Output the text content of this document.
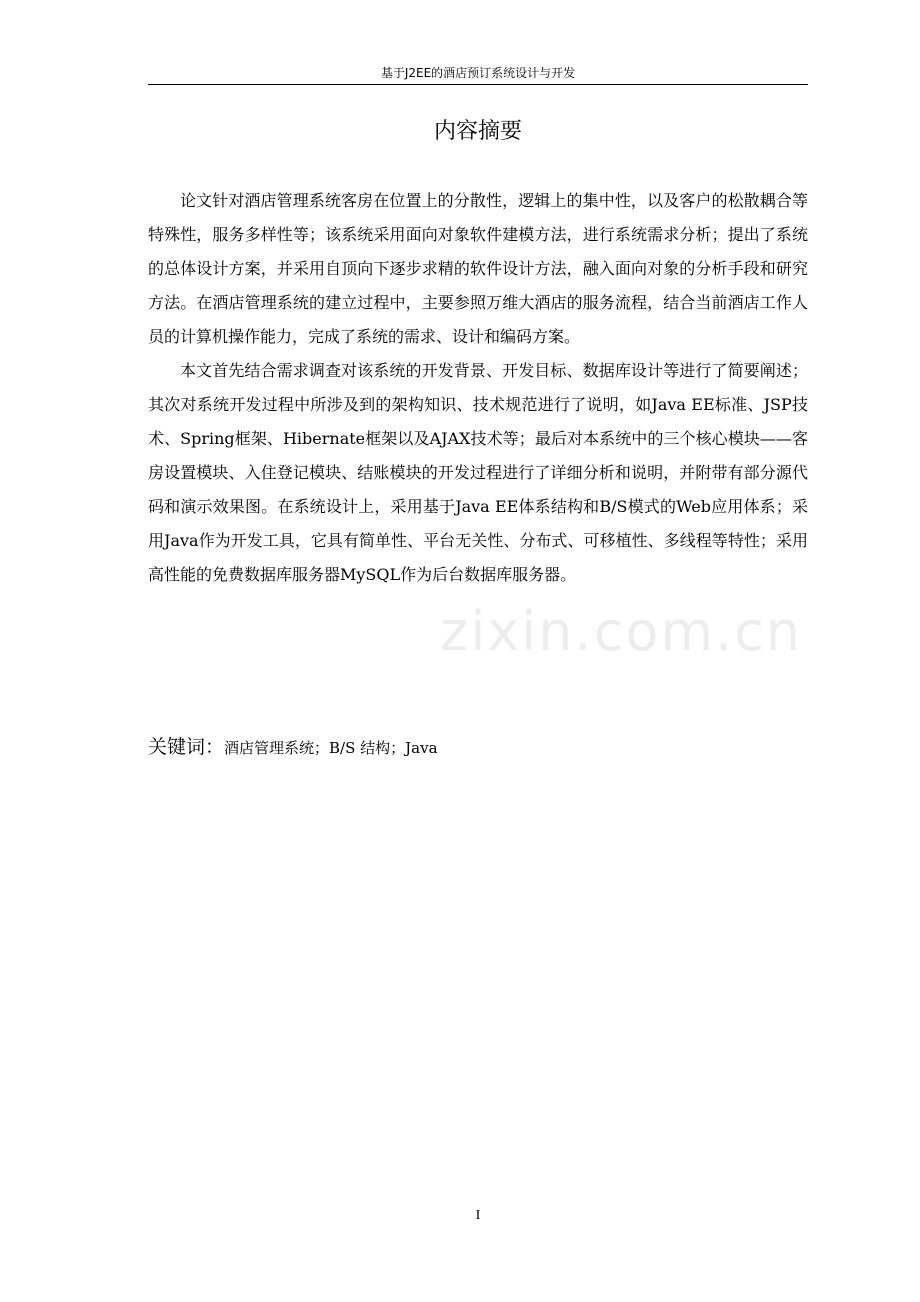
基于J2EE的酒店预订系统设计与开发
内容摘要

论文针对酒店管理系统客房在位置上的分散性，逻辑上的集中性，以及客户的松散耦合等特殊性，服务多样性等；该系统采用面向对象软件建模方法，进行系统需求分析；提出了系统的总体设计方案，并采用自顶向下逐步求精的软件设计方法，融入面向对象的分析手段和研究方法。在酒店管理系统的建立过程中，主要参照万维大酒店的服务流程，结合当前酒店工作人员的计算机操作能力，完成了系统的需求、设计和编码方案。

本文首先结合需求调查对该系统的开发背景、开发目标、数据库设计等进行了简要阐述；其次对系统开发过程中所涉及到的架构知识、技术规范进行了说明，如Java EE标准、JSP技术、Spring框架、Hibernate框架以及AJAX技术等；最后对本系统中的三个核心模块——客房设置模块、入住登记模块、结账模块的开发过程进行了详细分析和说明，并附带有部分源代码和演示效果图。在系统设计上，采用基于Java EE体系结构和B/S模式的Web应用体系；采用Java作为开发工具，它具有简单性、平台无关性、分布式、可移植性、多线程等特性；采用高性能的免费数据库服务器MySQL作为后台数据库服务器。

zixin.com.cn
关键词：酒店管理系统；B/S 结构；Java
I
